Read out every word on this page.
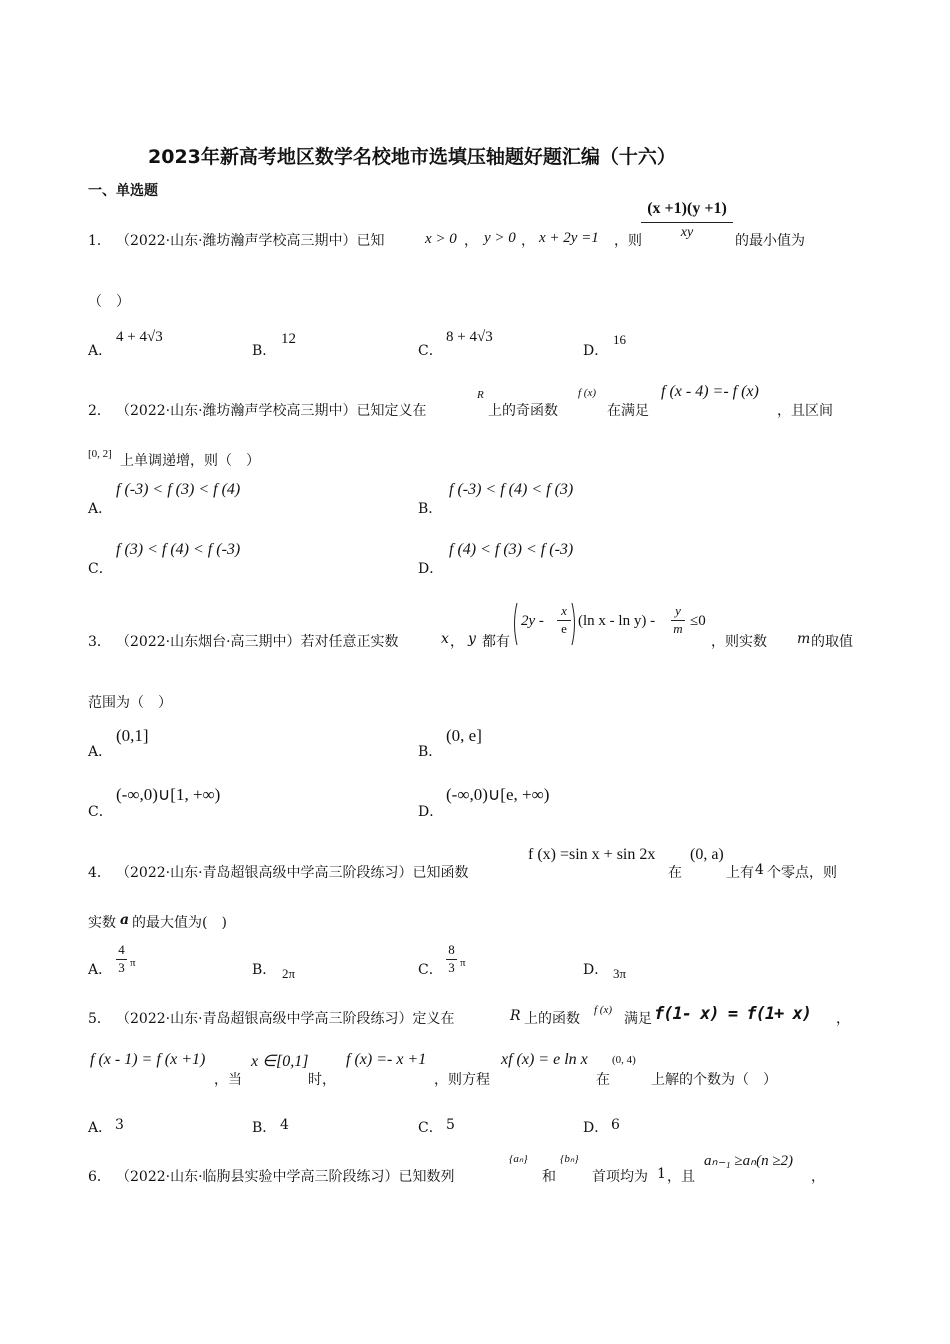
2023年新高考地区数学名校地市选填压轴题好题汇编（十六）
一、单选题
1． （2022·山东·潍坊瀚声学校高三期中）已知	x > 0 ， y > 0 ， x + 2y =1 ，则
(x +1)(y +1)
xy
的最小值为
（　）
A．
4 + 4√3
B．
12
C．
8 + 4√3
D．
16
2． （2022·山东·潍坊瀚声学校高三期中）已知定义在
R
上的奇函数
f (x)
在满足
f (x - 4) =- f (x)
，且区间
[0, 2] 上单调递增，则（　）
A．
f (-3) < f (3) < f (4)
B．
f (-3) < f (4) < f (3)
C．
f (3) < f (4) < f (-3)
D．
f (4) < f (3) < f (-3)
3． （2022·山东烟台·高三期中）若对任意正实数	x ， y 都有
2y -
x
e (ln x - ln y) -
y
m ≤0
，则实数 m 的取值
范围为（　）
A．
(0,1]
B．
(0, e]
C．
(-∞,0)∪[1, +∞)
D．
(-∞,0)∪[e, +∞)
4． （2022·山东·青岛超银高级中学高三阶段练习）已知函数
f (x) =sin x + sin 2x
在
(0, a)
上有 4 个零点，则
实数 a 的最大值为(　)
A．
4
3 π	B． 2π	C．
8
3 π	D． 3π
5． （2022·山东·青岛超银高级中学高三阶段练习）定义在	R 上的函数
f (x)
满足 f(1- x) = f(1+ x) ，
f (x - 1) = f (x +1)
，当
x ∈[0,1]
时，
f (x) =- x +1
，则方程
xf (x) = e ln x
在
(0, 4)
上解的个数为（　）
A． 3	B． 4	C． 5	D． 6
6． （2022·山东·临朐县实验中学高三阶段练习）已知数列
{aₙ}
和
{bₙ}
首项均为 1 ，且
aₙ₋₁ ≥aₙ(n ≥2)
，
